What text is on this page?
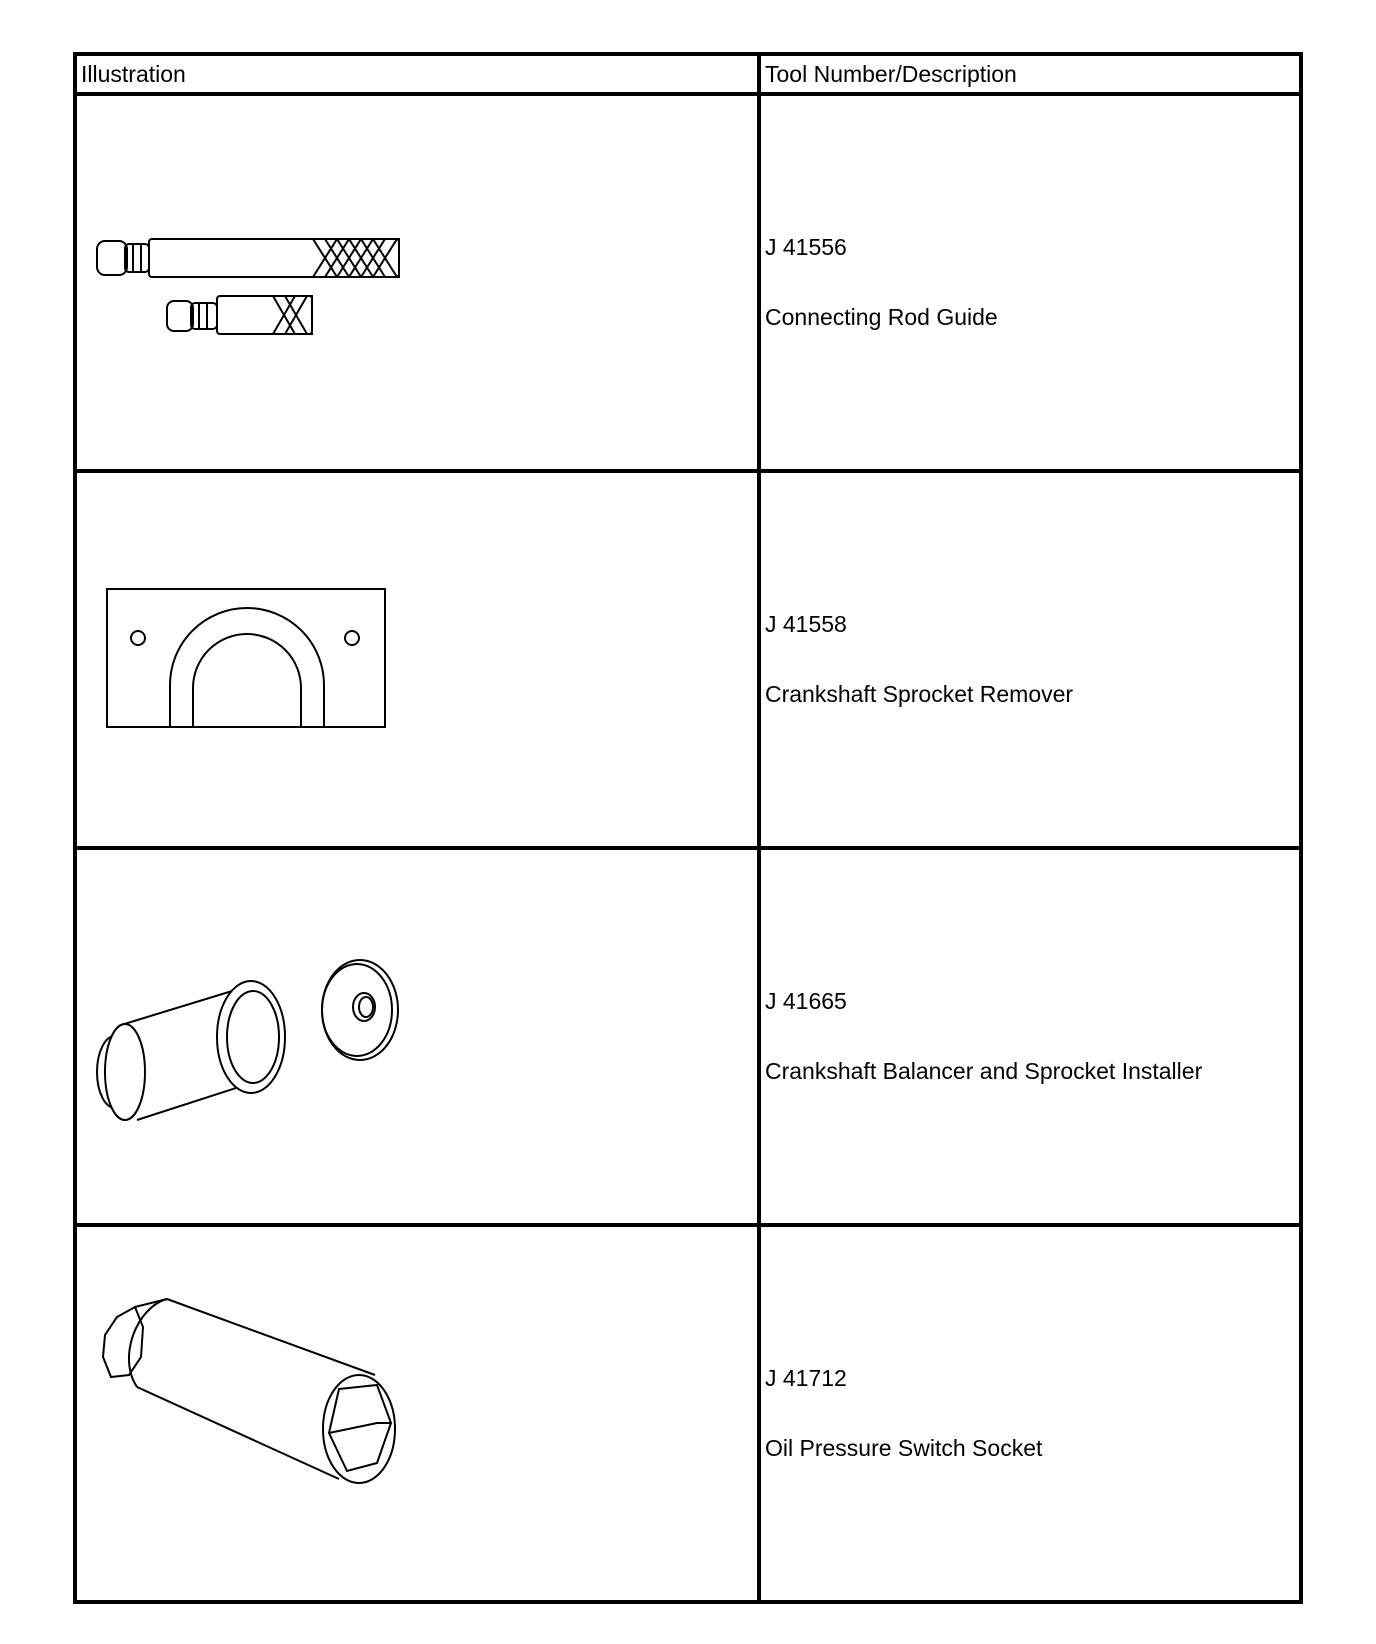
Illustration	Tool Number/Description

J 41556
Connecting Rod Guide

J 41558
Crankshaft Sprocket Remover

J 41665
Crankshaft Balancer and Sprocket Installer

J 41712
Oil Pressure Switch Socket
